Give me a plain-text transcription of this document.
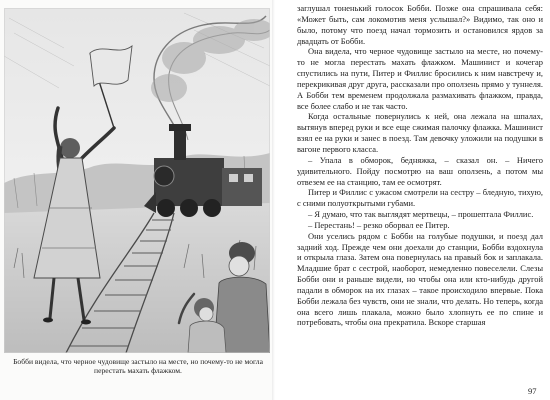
Бобби видела, что черное чудовище застыло на месте, но почему-то не могла перестать махать флажком.

заглушал тоненький голосок Бобби. Позже она спрашивала себя: «Может быть, сам локомотив меня услышал?» Видимо, так оно и было, потому что поезд начал тормозить и остановился ярдов за двадцать от Бобби.

Она видела, что черное чудовище застыло на месте, но почему-то не могла перестать махать флажком. Машинист и кочегар спустились на пути, Питер и Филлис бросились к ним навстречу и, перекрикивая друг друга, рассказали про оползень прямо у туннеля. А Бобби тем временем продолжала размахивать флажком, правда, все более слабо и не так часто.

Когда остальные повернулись к ней, она лежала на шпалах, вытянув вперед руки и все еще сжимая палочку флажка. Машинист взял ее на руки и занес в поезд. Там девочку уложили на подушки в вагоне первого класса.

– Упала в обморок, бедняжка, – сказал он. – Ничего удивительного. Пойду посмотрю на ваш оползень, а потом мы отвезем ее на станцию, там ее осмотрят.

Питер и Филлис с ужасом смотрели на сестру – бледную, тихую, с сними полуоткрытыми губами.

– Я думаю, что так выглядят мертвецы, – прошептала Филлис.

– Перестань! – резко оборвал ее Питер.

Они уселись рядом с Бобби на голубые подушки, и поезд дал задний ход. Прежде чем они доехали до станции, Бобби вздохнула и открыла глаза. Затем она повернулась на правый бок и заплакала. Младшие брат с сестрой, наоборот, немедленно повеселели. Слезы Бобби они и раньше видели, но чтобы она или кто-нибудь другой падали в обморок на их глазах – такое происходило впервые. Пока Бобби лежала без чувств, они не знали, что делать. Но теперь, когда она всего лишь плакала, можно было хлопнуть ее по спине и потребовать, чтобы она прекратила. Вскоре старшая

97
